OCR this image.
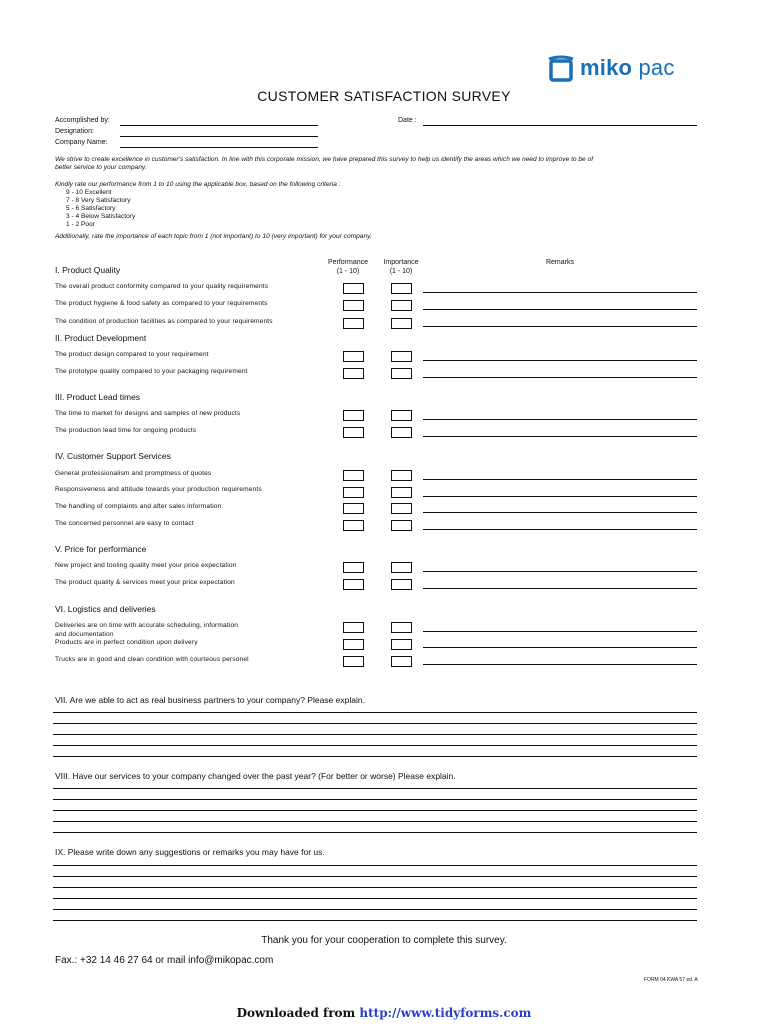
miko pac
CUSTOMER SATISFACTION SURVEY
Accomplished by:
Designation:
Company Name:
Date :
We strive to create excellence in customer's satisfaction. In line with this corporate mission, we have prepared this survey to help us identify the areas which we need to improve to be of better service to your company.
Kindly rate our performance from 1 to 10 using the applicable box, based on the following criteria :
9 - 10 Excellent
7 - 8 Very Satisfactory
5 - 6 Satisfactory
3 - 4 Below Satisfactory
1 - 2 Poor
Additionally, rate the importance of each topic from 1 (not important) to 10 (very important) for your company.
Performance
(1 - 10)
Importance
(1 - 10)
Remarks
I. Product Quality
The overall product conformity compared to your quality requirements
The product hygiene & food safety as compared to your requirements
The condition of production facilities as compared to your requirements
II. Product Development
The product design compared to your requirement
The prototype quality compared to your packaging requirement
III. Product Lead times
The time to market for designs and samples of new products
The production lead time for ongoing products
IV. Customer Support Services
General professionalism and promptness of quotes
Responsiveness and attitude towards your production requirements
The handling of complaints and after sales information
The concerned personnel are easy to contact
V. Price for performance
New project and tooling quality meet your price expectation
The product quality & services meet your price expectation
VI. Logistics and deliveries
Deliveries are on time with accurate scheduling, information
and documentation
Products are in perfect condition upon delivery
Trucks are in good and clean condition with courteous personel
VII. Are we able to act as real business partners to your company? Please explain.
VIII. Have our services to your company changed over the past year? (For better or worse) Please explain.
IX. Please write down any suggestions or remarks you may have for us.
Thank you for your cooperation to complete this survey.
Fax.: +32 14 46 27 64 or mail info@mikopac.com
FORM 04 KWA 57 ed. A
Downloaded from http://www.tidyforms.com
